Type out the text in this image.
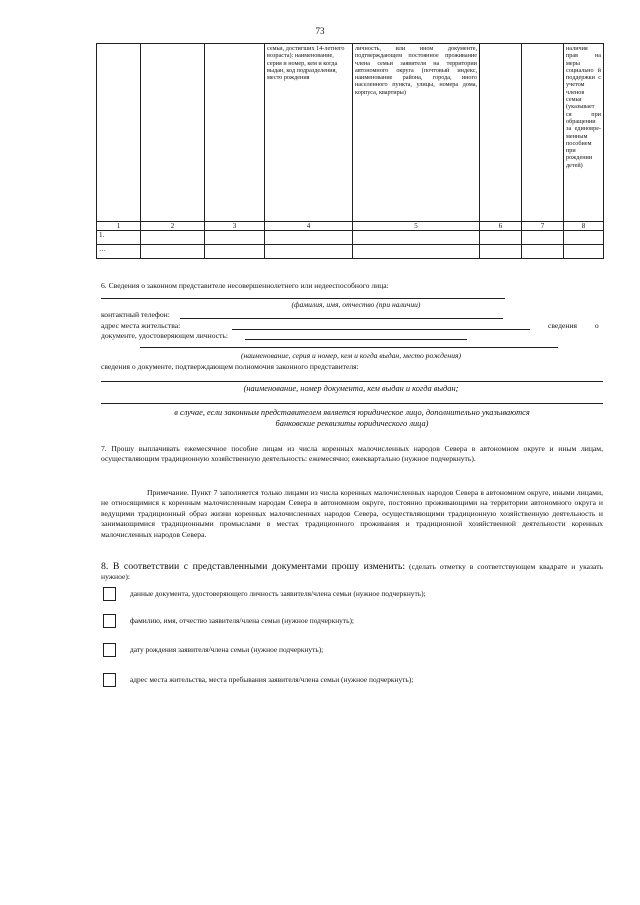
73
			семьи, достигших 14-летнего возраста): наименование, серия и номер, кем и когда выдан, код подразделения, место рождения	личность, или ином документе, подтверждающем постоянное проживание члена семьи заявителя на территории автономного округа (почтовый индекс, наименование района, города, иного населенного пункта, улицы, номера дома, корпуса, квартиры)			наличия прав на меры социально й поддержки с учетом членов семьи (указывает ся при обращении за единовре-менным пособием при рождении детей)
1	2	3	4	5	6	7	8
1.							
…							
6. Сведения о законном представителе несовершеннолетнего или недееспособного лица:
(фамилия, имя, отчество (при наличии)
контактный телефон:
адрес места жительства:	сведения о
документе, удостоверяющем личность:
(наименование, серия и номер, кем и когда выдан, место рождения)
сведения о документе, подтверждающем полномочия законного представителя:
(наименование, номер документа, кем выдан и когда выдан;
в случае, если законным представителем является юридическое лицо, дополнительно указываются
банковские реквизиты юридического лица)
7. Прошу выплачивать ежемесячное пособие лицам из числа коренных малочисленных народов Севера в автономном округе и иным лицам, осуществляющим традиционную хозяйственную деятельность: ежемесячно; ежеквартально (нужное подчеркнуть).
Примечание. Пункт 7 заполняется только лицами из числа коренных малочисленных народов Севера в автономном округе, иными лицами, не относящимися к коренным малочисленным народам Севера в автономном округе, постоянно проживающими на территории автономного округа и ведущими традиционный образ жизни коренных малочисленных народов Севера, осуществляющими традиционную хозяйственную деятельность и занимающимися традиционными промыслами в местах традиционного проживания и традиционной хозяйственной деятельности коренных малочисленных народов Севера.
8. В соответствии с представленными документами прошу изменить: (сделать отметку в соответствующем квадрате и указать нужное):
данные документа, удостоверяющего личность заявителя/члена семьи (нужное подчеркнуть);
фамилию, имя, отчество заявителя/члена семьи (нужное подчеркнуть);
дату рождения заявителя/члена семьи (нужное подчеркнуть);
адрес места жительства, места пребывания заявителя/члена семьи (нужное подчеркнуть);
